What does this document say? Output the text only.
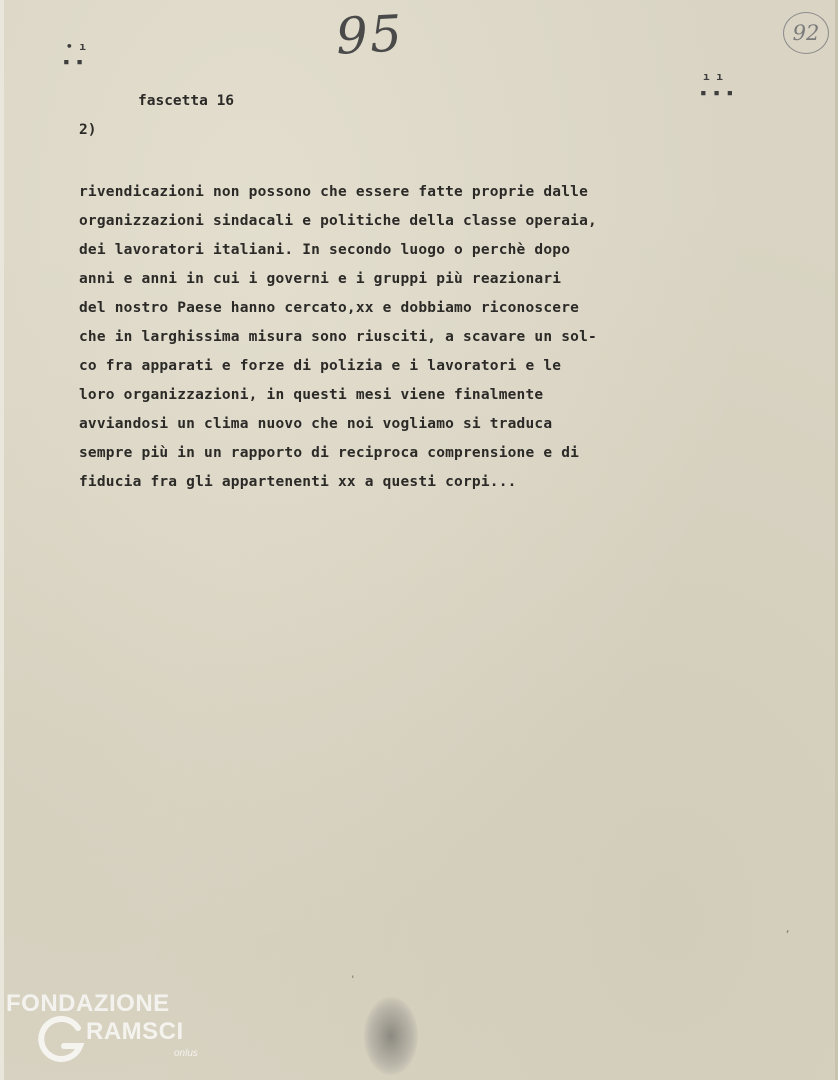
95	92
• ı
▪ ▪
ı ı
▪ ▪ ▪
fascetta 16
2)
rivendicazioni non possono che essere fatte proprie dalle
organizzazioni sindacali e politiche della classe operaia,
dei lavoratori italiani. In secondo luogo o perchè dopo
anni e anni in cui i governi e i gruppi più reazionari
del nostro Paese hanno cercato,xx e dobbiamo riconoscere
che in larghissima misura sono riusciti, a scavare un sol-
co fra apparati e forze di polizia e i lavoratori e le
loro organizzazioni, in questi mesi viene finalmente
avviandosi un clima nuovo che noi vogliamo si traduca
sempre più in un rapporto di reciproca comprensione e di
fiducia fra gli appartenenti xx a questi corpi...
,
'
FONDAZIONE
RAMSCI
onlus
